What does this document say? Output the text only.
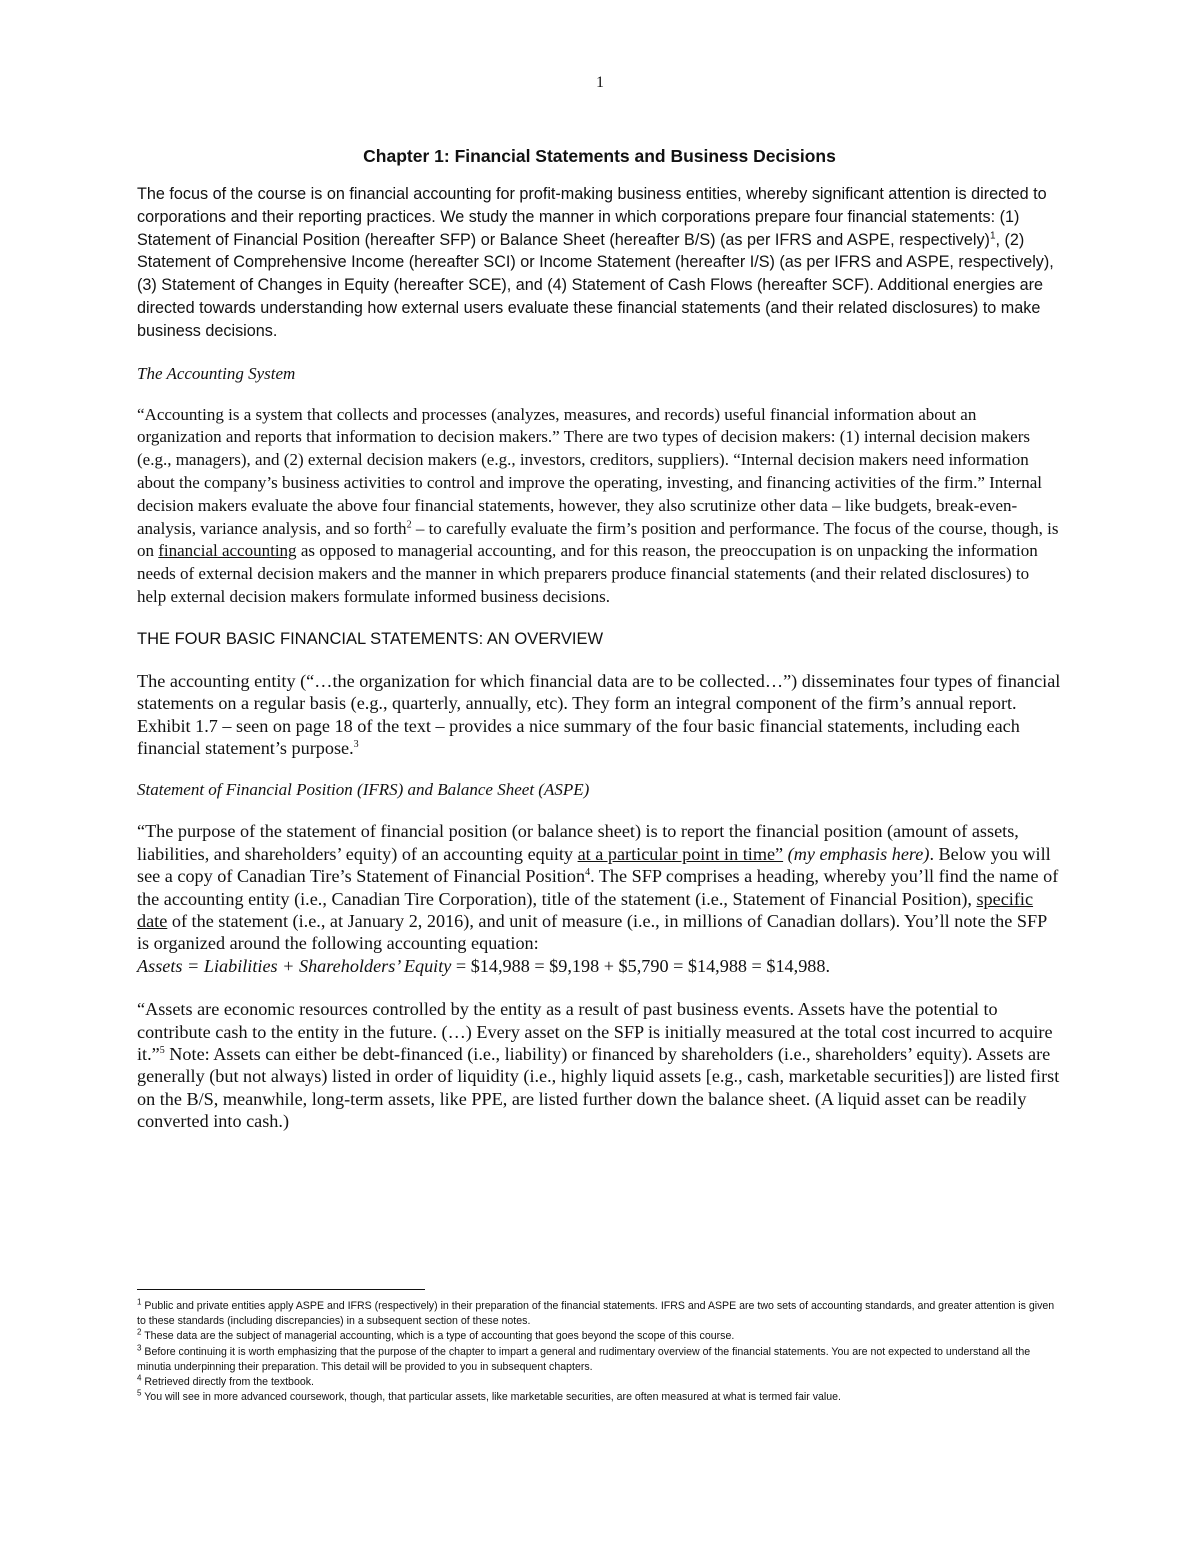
1
Chapter 1: Financial Statements and Business Decisions

The focus of the course is on financial accounting for profit-making business entities, whereby significant attention is directed to corporations and their reporting practices. We study the manner in which corporations prepare four financial statements: (1) Statement of Financial Position (hereafter SFP) or Balance Sheet (hereafter B/S) (as per IFRS and ASPE, respectively)$^1$, (2) Statement of Comprehensive Income (hereafter SCI) or Income Statement (hereafter I/S) (as per IFRS and ASPE, respectively), (3) Statement of Changes in Equity (hereafter SCE), and (4) Statement of Cash Flows (hereafter SCF). Additional energies are directed towards understanding how external users evaluate these financial statements (and their related disclosures) to make business decisions.

The Accounting System

“Accounting is a system that collects and processes (analyzes, measures, and records) useful financial information about an organization and reports that information to decision makers.” There are two types of decision makers: (1) internal decision makers (e.g., managers), and (2) external decision makers (e.g., investors, creditors, suppliers). “Internal decision makers need information about the company’s business activities to control and improve the operating, investing, and financing activities of the firm.” Internal decision makers evaluate the above four financial statements, however, they also scrutinize other data – like budgets, break-even-analysis, variance analysis, and so forth$^2$ – to carefully evaluate the firm’s position and performance. The focus of the course, though, is on financial accounting as opposed to managerial accounting, and for this reason, the preoccupation is on unpacking the information needs of external decision makers and the manner in which preparers produce financial statements (and their related disclosures) to help external decision makers formulate informed business decisions.

THE FOUR BASIC FINANCIAL STATEMENTS: AN OVERVIEW

The accounting entity (“…the organization for which financial data are to be collected…”) disseminates four types of financial statements on a regular basis (e.g., quarterly, annually, etc). They form an integral component of the firm’s annual report. Exhibit 1.7 – seen on page 18 of the text – provides a nice summary of the four basic financial statements, including each financial statement’s purpose.$^3$

Statement of Financial Position (IFRS) and Balance Sheet (ASPE)

“The purpose of the statement of financial position (or balance sheet) is to report the financial position (amount of assets, liabilities, and shareholders’ equity) of an accounting equity at a particular point in time” (my emphasis here). Below you will see a copy of Canadian Tire’s Statement of Financial Position$^4$. The SFP comprises a heading, whereby you’ll find the name of the accounting entity (i.e., Canadian Tire Corporation), title of the statement (i.e., Statement of Financial Position), specific date of the statement (i.e., at January 2, 2016), and unit of measure (i.e., in millions of Canadian dollars). You’ll note the SFP is organized around the following accounting equation:
Assets = Liabilities + Shareholders’ Equity = $14,988 = $9,198 + $5,790 = $14,988 = $14,988.

“Assets are economic resources controlled by the entity as a result of past business events. Assets have the potential to contribute cash to the entity in the future. (…) Every asset on the SFP is initially measured at the total cost incurred to acquire it.”$^5$ Note: Assets can either be debt-financed (i.e., liability) or financed by shareholders (i.e., shareholders’ equity). Assets are generally (but not always) listed in order of liquidity (i.e., highly liquid assets [e.g., cash, marketable securities]) are listed first on the B/S, meanwhile, long-term assets, like PPE, are listed further down the balance sheet. (A liquid asset can be readily converted into cash.)

$^1$ Public and private entities apply ASPE and IFRS (respectively) in their preparation of the financial statements. IFRS and ASPE are two sets of accounting standards, and greater attention is given to these standards (including discrepancies) in a subsequent section of these notes.
$^2$ These data are the subject of managerial accounting, which is a type of accounting that goes beyond the scope of this course.
$^3$ Before continuing it is worth emphasizing that the purpose of the chapter to impart a general and rudimentary overview of the financial statements. You are not expected to understand all the minutia underpinning their preparation. This detail will be provided to you in subsequent chapters.
$^4$ Retrieved directly from the textbook.
$^5$ You will see in more advanced coursework, though, that particular assets, like marketable securities, are often measured at what is termed fair value.
